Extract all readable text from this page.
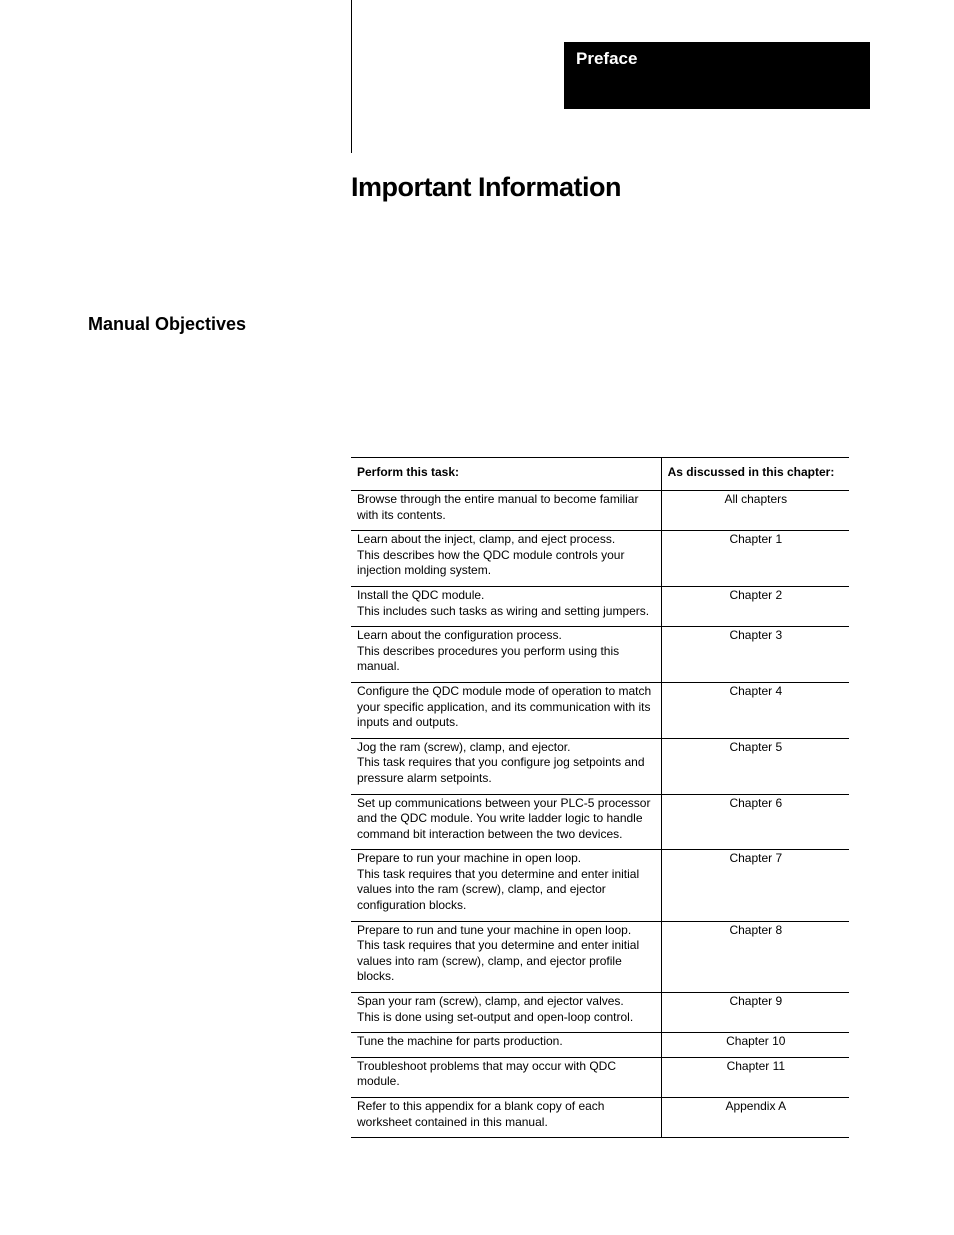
Preface
Important Information
Manual Objectives
Perform this task:	As discussed in this chapter:

Browse through the entire manual to become familiar with its contents.	All chapters

Learn about the inject, clamp, and eject process.
This describes how the QDC module controls your injection molding system.	Chapter 1

Install the QDC module.
This includes such tasks as wiring and setting jumpers.	Chapter 2

Learn about the configuration process.
This describes procedures you perform using this manual.	Chapter 3

Configure the QDC module mode of operation to match your specific application, and its communication with its inputs and outputs.	Chapter 4

Jog the ram (screw), clamp, and ejector.
This task requires that you configure jog setpoints and pressure alarm setpoints.	Chapter 5

Set up communications between your PLC-5 processor and the QDC module. You write ladder logic to handle command bit interaction between the two devices.	Chapter 6

Prepare to run your machine in open loop.
This task requires that you determine and enter initial values into the ram (screw), clamp, and ejector configuration blocks.	Chapter 7

Prepare to run and tune your machine in open loop.
This task requires that you determine and enter initial values into ram (screw), clamp, and ejector profile blocks.	Chapter 8

Span your ram (screw), clamp, and ejector valves.
This is done using set-output and open-loop control.	Chapter 9

Tune the machine for parts production.	Chapter 10

Troubleshoot problems that may occur with QDC module.	Chapter 11

Refer to this appendix for a blank copy of each worksheet contained in this manual.	Appendix A
